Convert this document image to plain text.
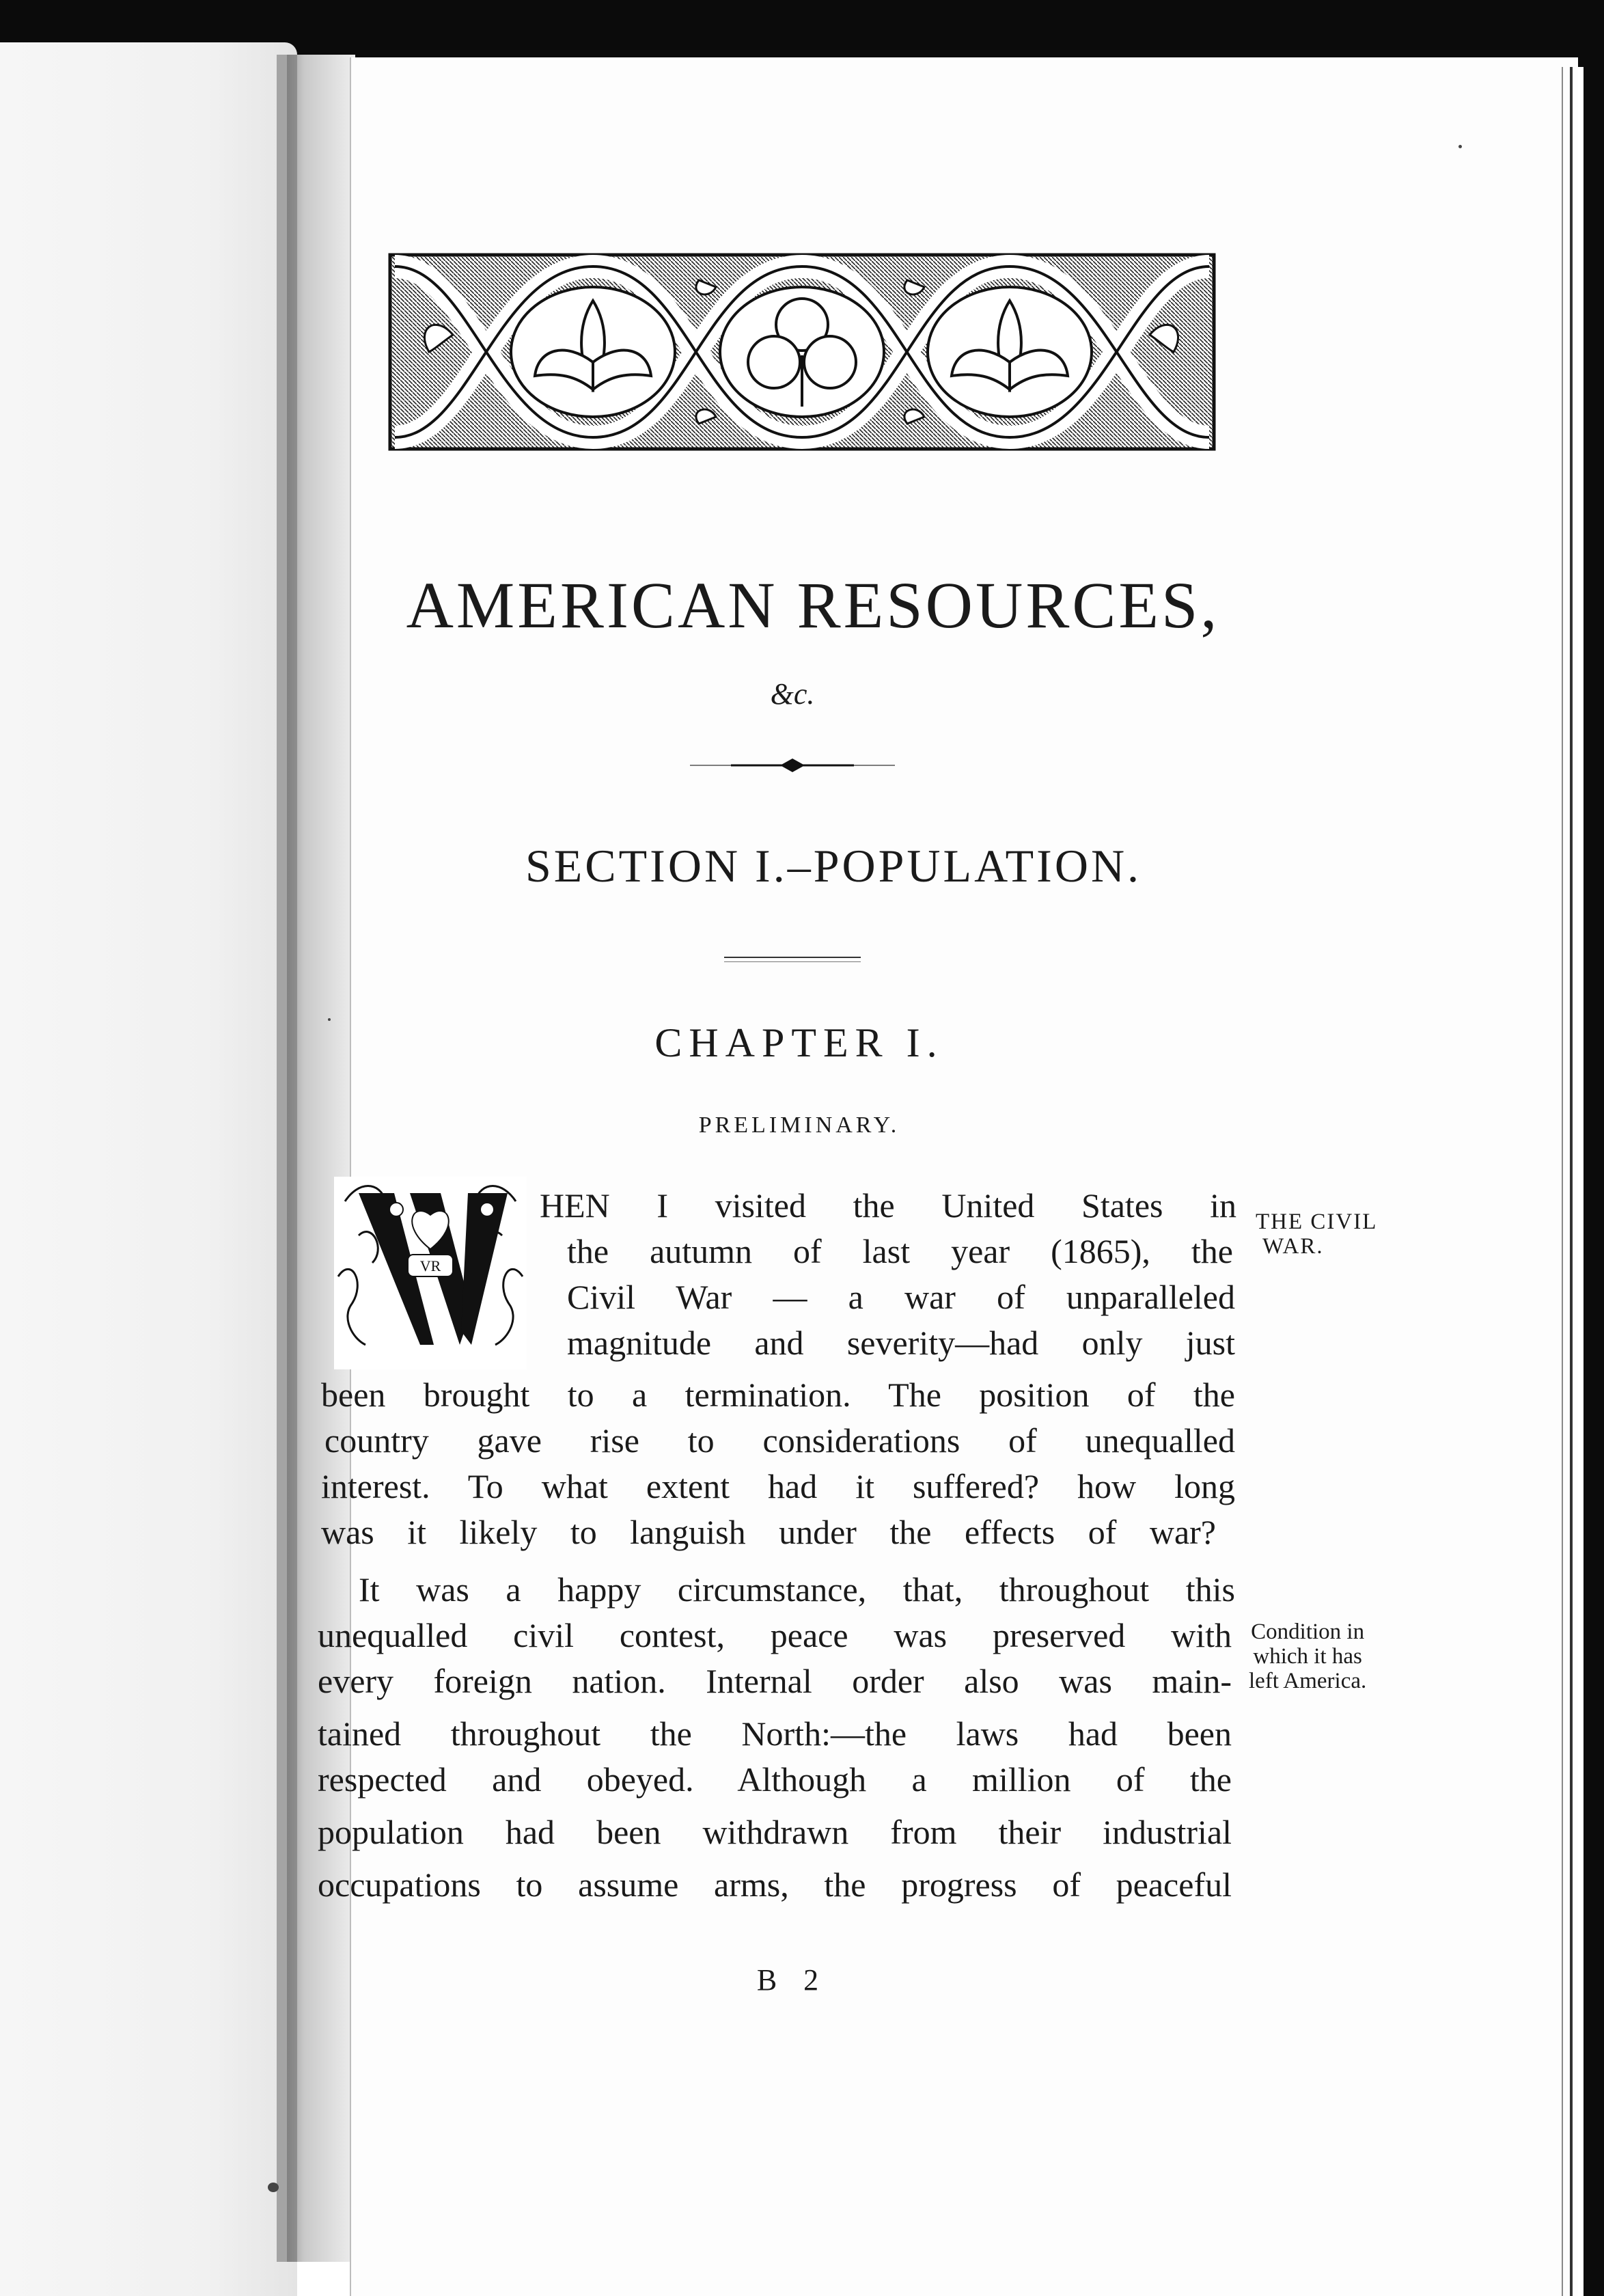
AMERICAN RESOURCES,
&c.
SECTION I.–POPULATION.
CHAPTER I.
PRELIMINARY.
VR
HEN I visited the United States in
the autumn of last year (1865), the
Civil War — a war of unparalleled
magnitude and severity—had only just
been brought to a termination. The position of the
country gave rise to considerations of unequalled
interest. To what extent had it suffered? how long
was it likely to languish under the effects of war?
It was a happy circumstance, that, throughout this
unequalled civil contest, peace was preserved with
every foreign nation. Internal order also was main-
tained throughout the North:—the laws had been
respected and obeyed. Although a million of the
population had been withdrawn from their industrial
occupations to assume arms, the progress of peaceful
THE CIVIL
WAR.
Condition in
which it has
left America.
B 2
